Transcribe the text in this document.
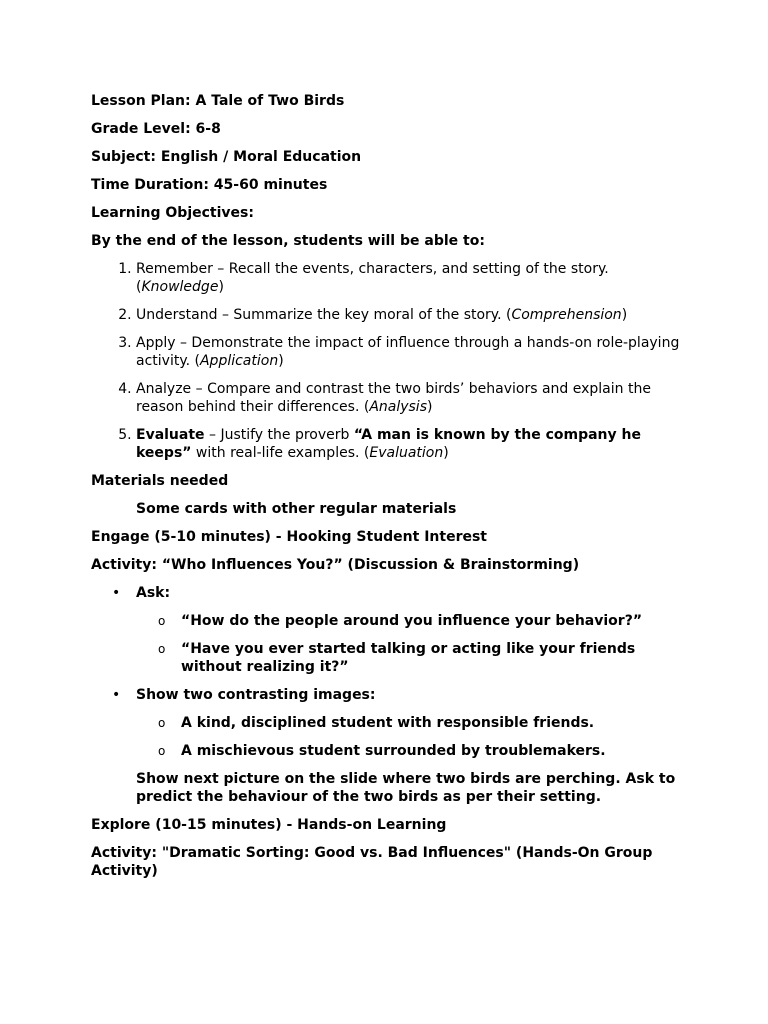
Lesson Plan: A Tale of Two Birds

Grade Level: 6-8

Subject: English / Moral Education

Time Duration: 45-60 minutes

Learning Objectives:

By the end of the lesson, students will be able to:

1. Remember – Recall the events, characters, and setting of the story. (Knowledge)
2. Understand – Summarize the key moral of the story. (Comprehension)
3. Apply – Demonstrate the impact of influence through a hands-on role-playing activity. (Application)
4. Analyze – Compare and contrast the two birds’ behaviors and explain the reason behind their differences. (Analysis)
5. Evaluate – Justify the proverb “A man is known by the company he keeps” with real-life examples. (Evaluation)

Materials needed

Some cards with other regular materials

Engage (5-10 minutes) - Hooking Student Interest

Activity: “Who Influences You?” (Discussion & Brainstorming)

• Ask:
o “How do the people around you influence your behavior?”
o “Have you ever started talking or acting like your friends without realizing it?”
• Show two contrasting images:
o A kind, disciplined student with responsible friends.
o A mischievous student surrounded by troublemakers.

Show next picture on the slide where two birds are perching. Ask to predict the behaviour of the two birds as per their setting.

Explore (10-15 minutes) - Hands-on Learning

Activity: "Dramatic Sorting: Good vs. Bad Influences" (Hands-On Group Activity)
